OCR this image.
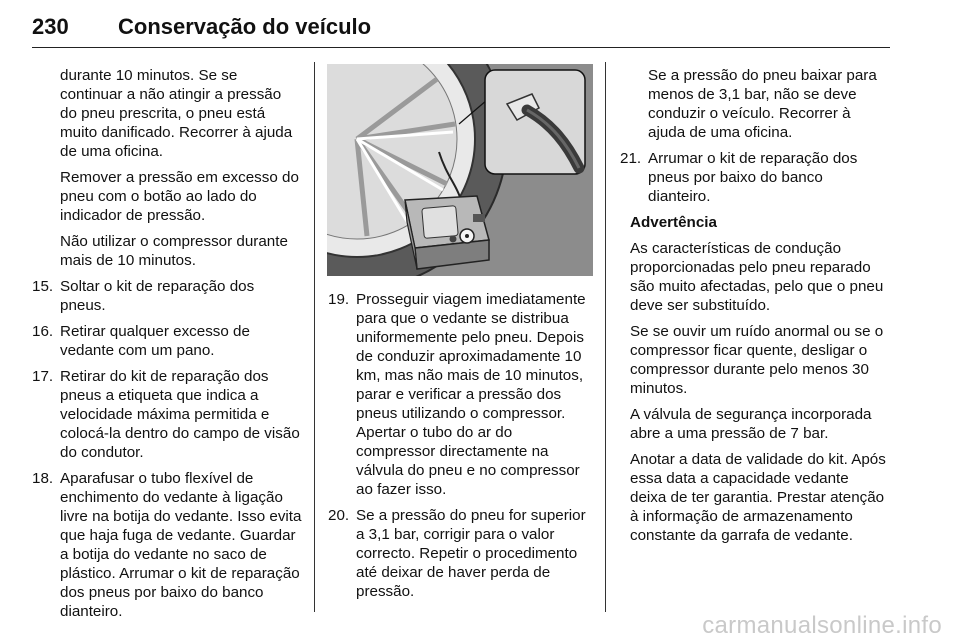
230 Conservação do veículo

durante 10 minutos. Se se continuar a não atingir a pressão do pneu prescrita, o pneu está muito danificado. Recorrer à ajuda de uma oficina.

Remover a pressão em excesso do pneu com o botão ao lado do indicador de pressão.

Não utilizar o compressor durante mais de 10 minutos.

15. Soltar o kit de reparação dos pneus.
16. Retirar qualquer excesso de vedante com um pano.
17. Retirar do kit de reparação dos pneus a etiqueta que indica a velocidade máxima permitida e colocá-la dentro do campo de visão do condutor.
18. Aparafusar o tubo flexível de enchimento do vedante à ligação livre na botija do vedante. Isso evita que haja fuga de vedante. Guardar a botija do vedante no saco de plástico. Arrumar o kit de reparação dos pneus por baixo do banco dianteiro.
19. Prosseguir viagem imediatamente para que o vedante se distribua uniformemente pelo pneu. Depois de conduzir aproximadamente 10 km, mas não mais de 10 minutos, parar e verificar a pressão dos pneus utilizando o compressor. Apertar o tubo do ar do compressor directamente na válvula do pneu e no compressor ao fazer isso.
20. Se a pressão do pneu for superior a 3,1 bar, corrigir para o valor correcto. Repetir o procedimento até deixar de haver perda de pressão.

Se a pressão do pneu baixar para menos de 3,1 bar, não se deve conduzir o veículo. Recorrer à ajuda de uma oficina.

21. Arrumar o kit de reparação dos pneus por baixo do banco dianteiro.

Advertência

As características de condução proporcionadas pelo pneu reparado são muito afectadas, pelo que o pneu deve ser substituído.

Se se ouvir um ruído anormal ou se o compressor ficar quente, desligar o compressor durante pelo menos 30 minutos.

A válvula de segurança incorporada abre a uma pressão de 7 bar.

Anotar a data de validade do kit. Após essa data a capacidade vedante deixa de ter garantia. Prestar atenção à informação de armazenamento constante da garrafa de vedante.

carmanualsonline.info
